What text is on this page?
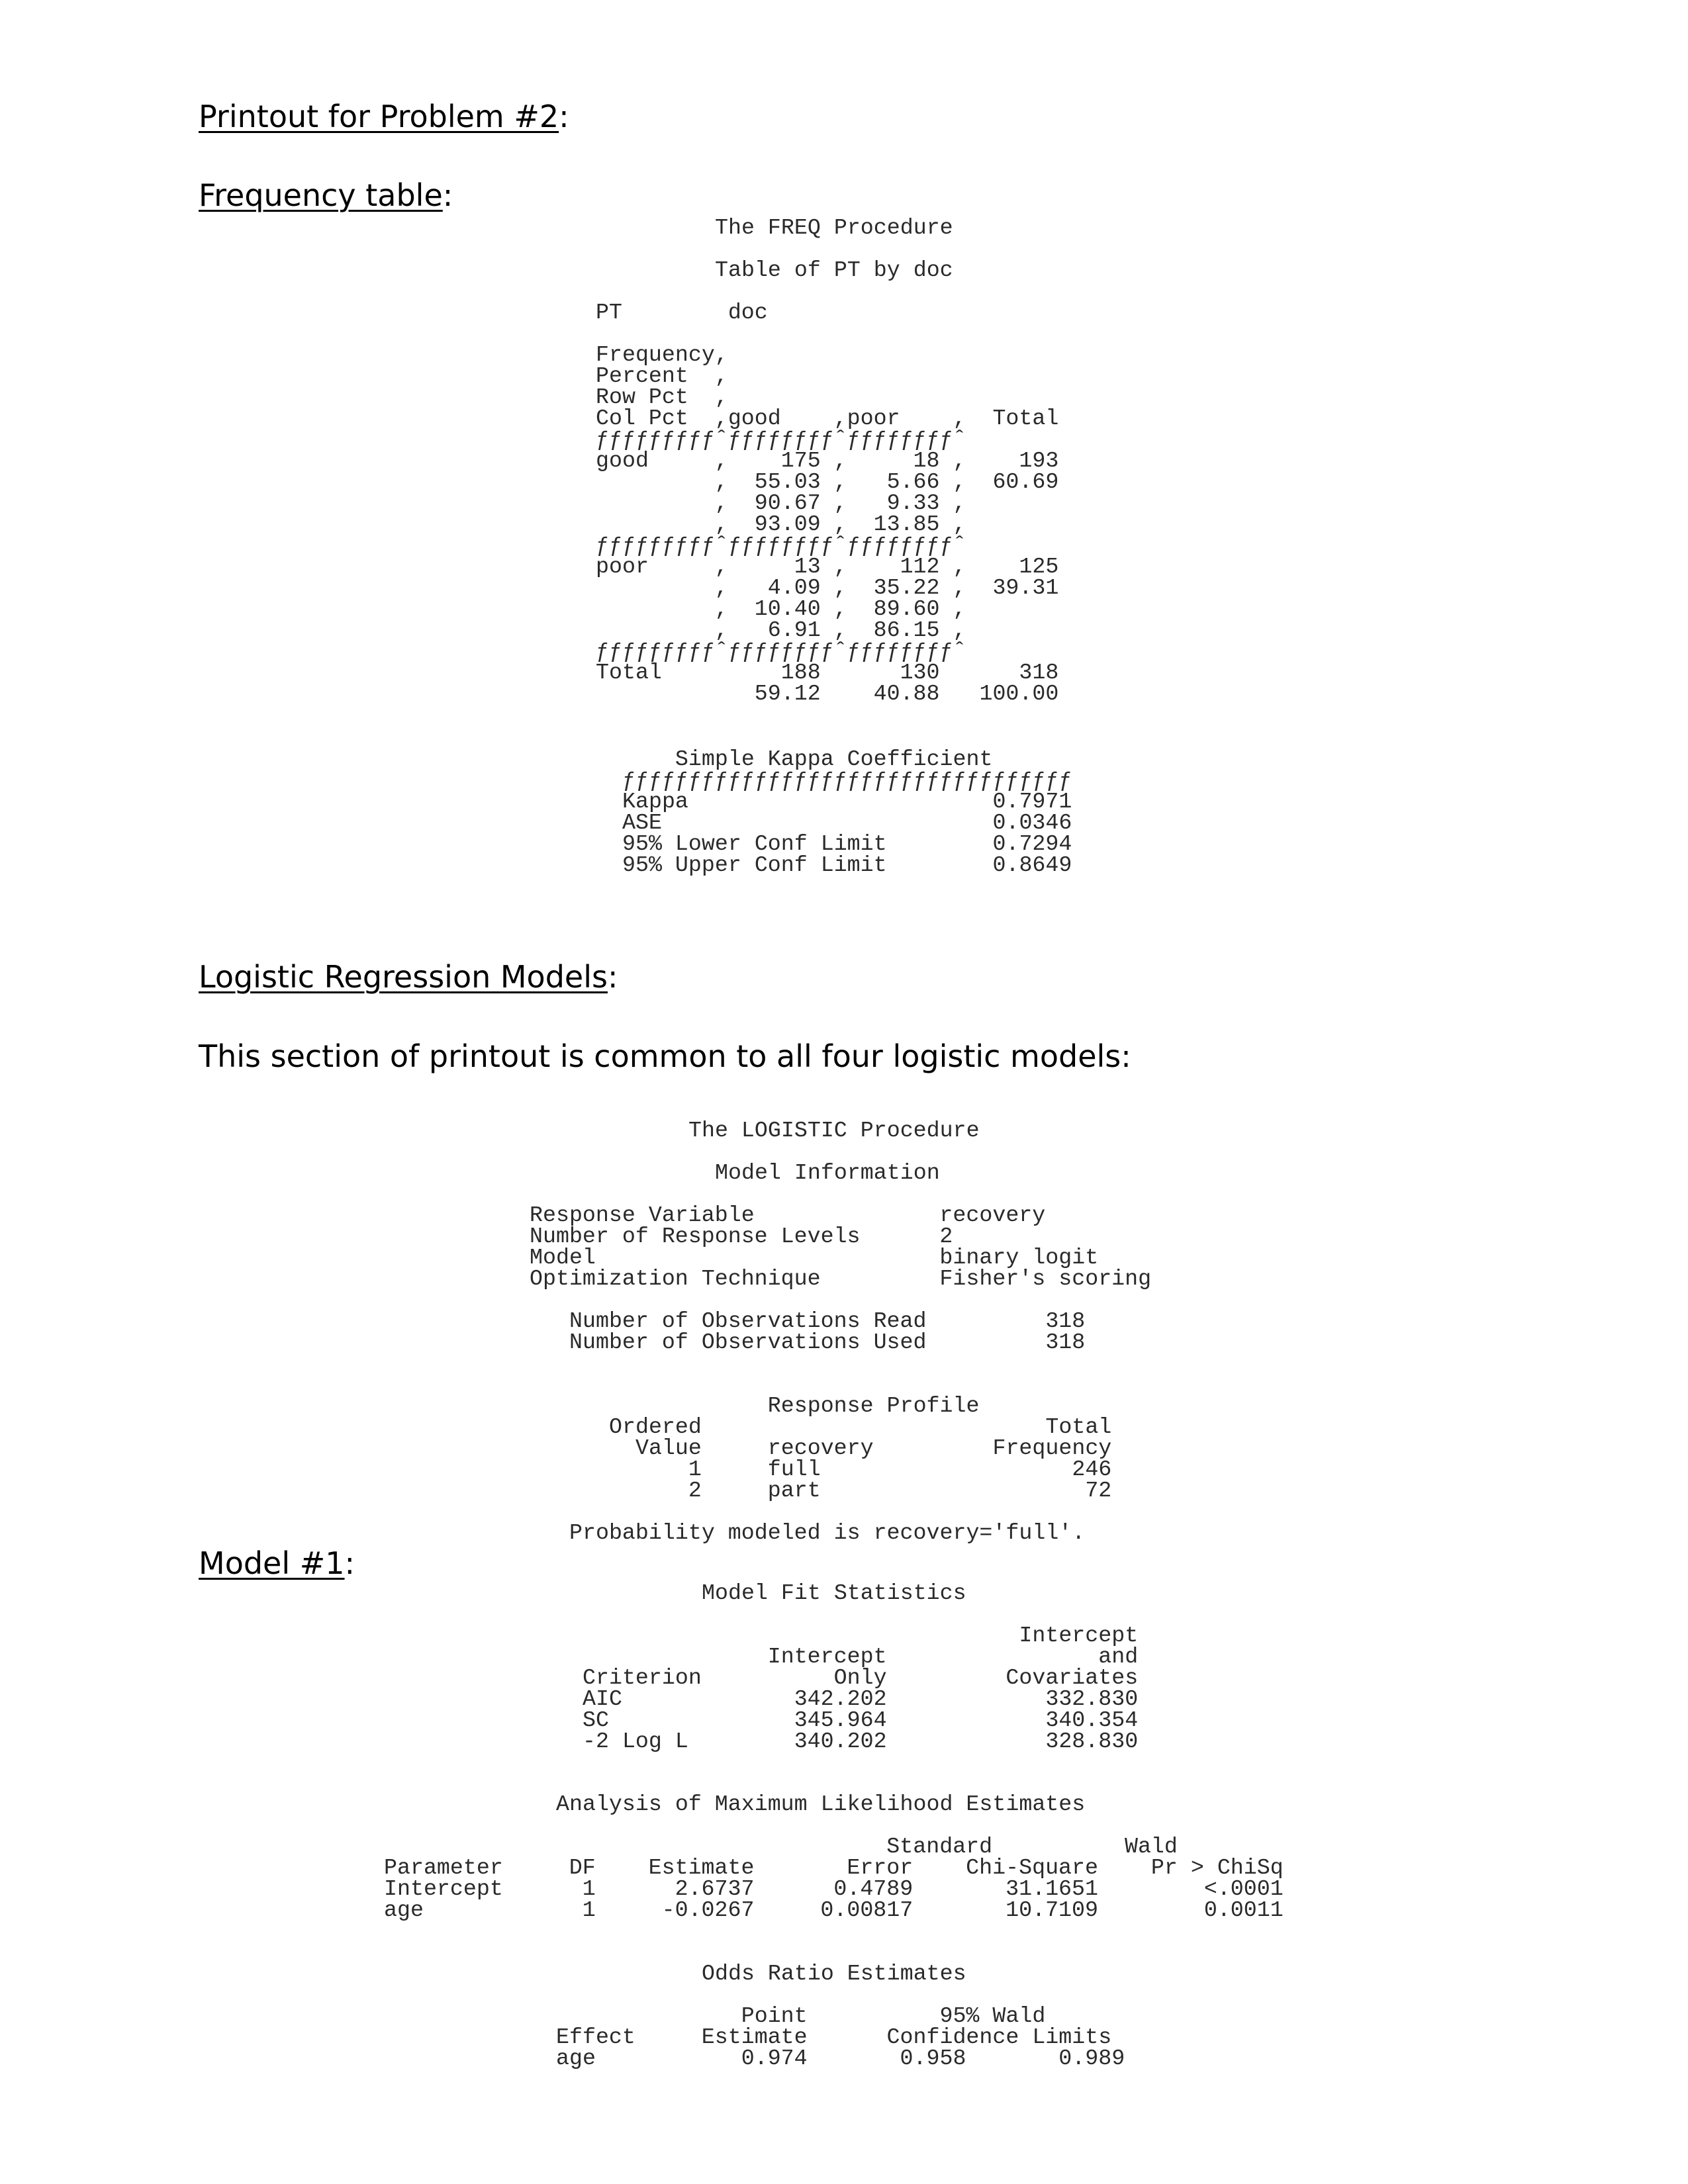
Printout for Problem #2:
Frequency table:
The FREQ Procedure
Table of PT by doc
PT        doc

Frequency,
Percent  ,
Row Pct  ,
Col Pct  ,good    ,poor    ,  Total
ƒƒƒƒƒƒƒƒƒˆƒƒƒƒƒƒƒƒˆƒƒƒƒƒƒƒƒˆ
good     ,    175 ,     18 ,    193
,  55.03 ,   5.66 ,  60.69
,  90.67 ,   9.33 ,
,  93.09 ,  13.85 ,
ƒƒƒƒƒƒƒƒƒˆƒƒƒƒƒƒƒƒˆƒƒƒƒƒƒƒƒˆ
poor     ,     13 ,    112 ,    125
,   4.09 ,  35.22 ,  39.31
,  10.40 ,  89.60 ,
,   6.91 ,  86.15 ,
ƒƒƒƒƒƒƒƒƒˆƒƒƒƒƒƒƒƒˆƒƒƒƒƒƒƒƒˆ
Total         188      130      318
59.12    40.88   100.00
Simple Kappa Coefficient
ƒƒƒƒƒƒƒƒƒƒƒƒƒƒƒƒƒƒƒƒƒƒƒƒƒƒƒƒƒƒƒƒƒƒ
Kappa                       0.7971
ASE                         0.0346
95% Lower Conf Limit        0.7294
95% Upper Conf Limit        0.8649
Logistic Regression Models:
This section of printout is common to all four logistic models:
The LOGISTIC Procedure
Model Information
Response Variable              recovery
Number of Response Levels      2
Model                          binary logit
Optimization Technique         Fisher's scoring
Number of Observations Read         318
Number of Observations Used         318
Response Profile
Ordered                          Total
Value     recovery         Frequency
1     full                   246
2     part                    72
Probability modeled is recovery='full'.
Model #1:
Model Fit Statistics
Intercept
Intercept                and
Criterion          Only         Covariates
AIC             342.202            332.830
SC              345.964            340.354
-2 Log L        340.202            328.830
Analysis of Maximum Likelihood Estimates
Standard          Wald
Parameter     DF    Estimate       Error    Chi-Square    Pr > ChiSq
Intercept      1      2.6737      0.4789       31.1651        <.0001
age            1     -0.0267     0.00817       10.7109        0.0011
Odds Ratio Estimates
Point          95% Wald
Effect     Estimate      Confidence Limits
age           0.974       0.958       0.989
